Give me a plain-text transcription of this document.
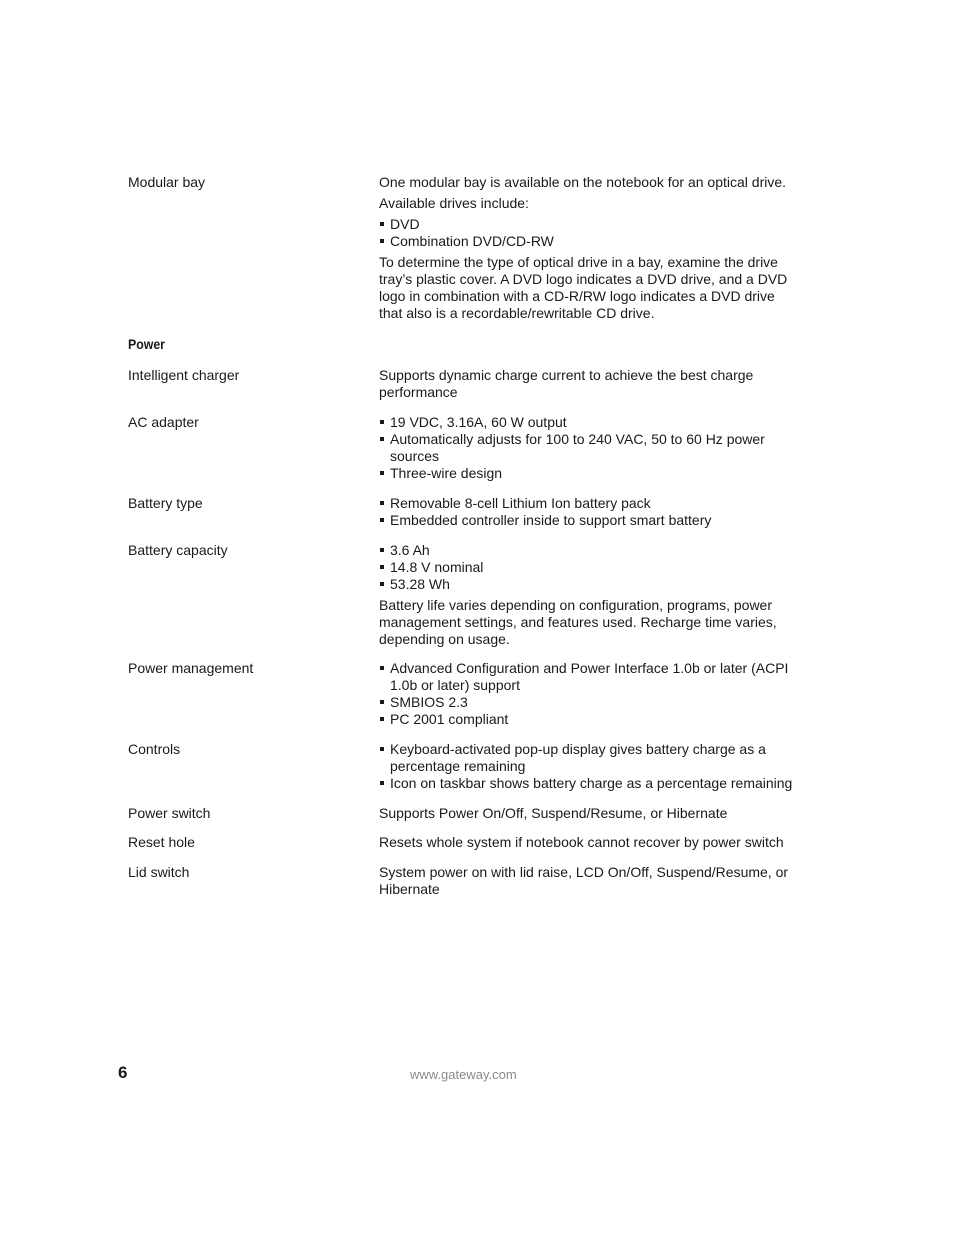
Modular bay	One modular bay is available on the notebook for an optical drive.

Available drives include:

DVD
Combination DVD/CD-RW

To determine the type of optical drive in a bay, examine the drive tray’s plastic cover. A DVD logo indicates a DVD drive, and a DVD logo in combination with a CD-R/RW logo indicates a DVD drive that also is a recordable/rewritable CD drive.

Power
Intelligent charger	Supports dynamic charge current to achieve the best charge performance

AC adapter	19 VDC, 3.16A, 60 W output
Automatically adjusts for 100 to 240 VAC, 50 to 60 Hz power sources
Three-wire design
Battery type	Removable 8-cell Lithium Ion battery pack
Embedded controller inside to support smart battery
Battery capacity	3.6 Ah
14.8 V nominal
53.28 Wh

Battery life varies depending on configuration, programs, power management settings, and features used. Recharge time varies, depending on usage.

Power management	Advanced Configuration and Power Interface 1.0b or later (ACPI 1.0b or later) support
SMBIOS 2.3
PC 2001 compliant
Controls	Keyboard-activated pop-up display gives battery charge as a percentage remaining
Icon on taskbar shows battery charge as a percentage remaining
Power switch	Supports Power On/Off, Suspend/Resume, or Hibernate

Reset hole	Resets whole system if notebook cannot recover by power switch

Lid switch	System power on with lid raise, LCD On/Off, Suspend/Resume, or Hibernate

6	www.gateway.com
